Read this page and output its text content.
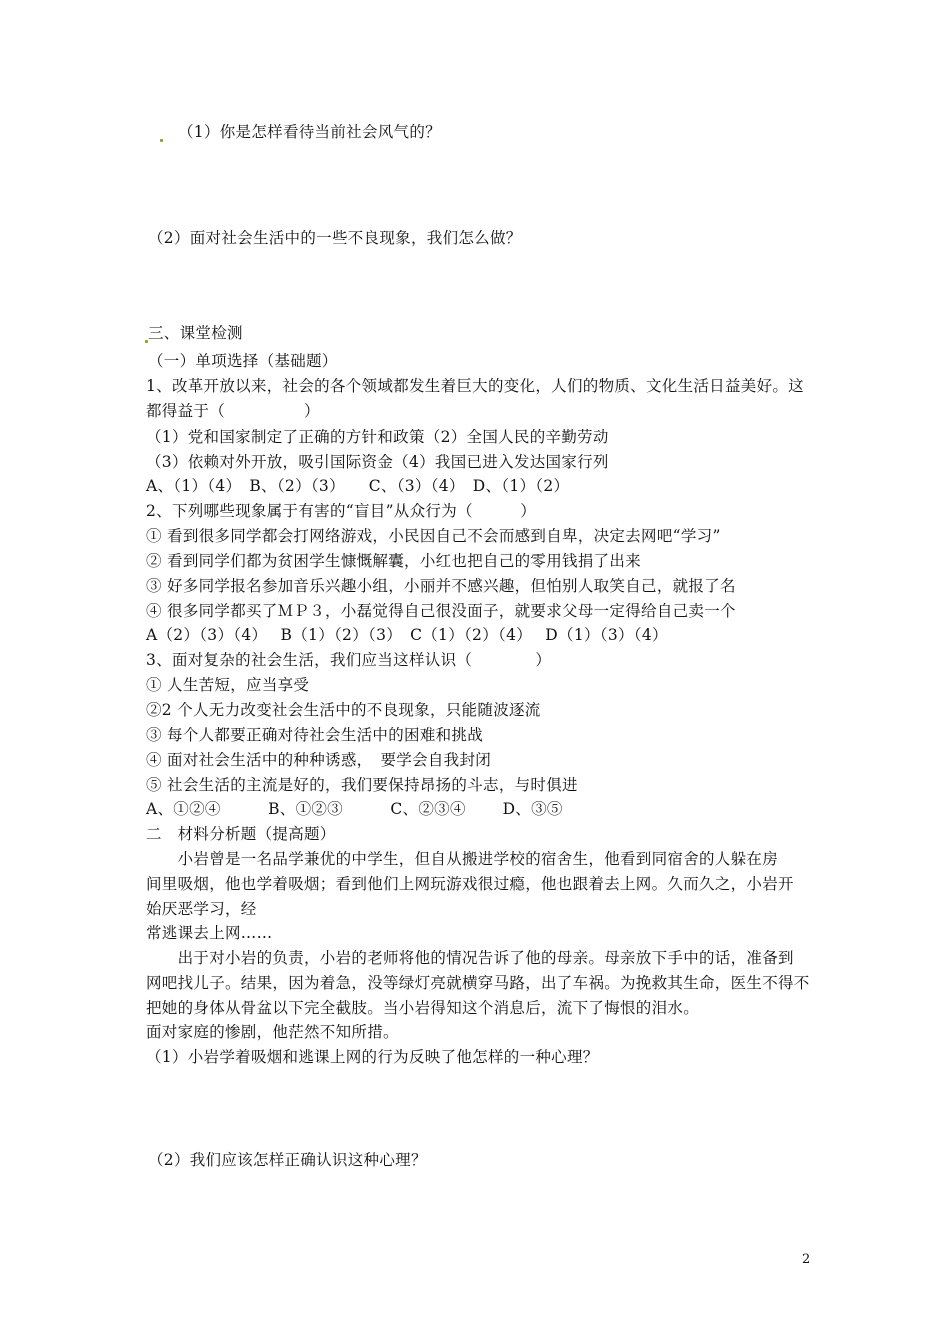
（1）你是怎样看待当前社会风气的？
（2）面对社会生活中的一些不良现象，我们怎么做？
三、课堂检测
（一）单项选择（基础题）
1、改革开放以来，社会的各个领域都发生着巨大的变化，人们的物质、文化生活日益美好。这
都得益于（　　　　　）
（1）党和国家制定了正确的方针和政策（2）全国人民的辛勤劳动
（3）依赖对外开放，吸引国际资金（4）我国已进入发达国家行列
A、（1）（4）　B、（2）（3）　　C、（3）（4）　D、（1）（2）
2、下列哪些现象属于有害的“盲目”从众行为（　　　）
① 看到很多同学都会打网络游戏，小民因自己不会而感到自卑，决定去网吧“学习”
② 看到同学们都为贫困学生慷慨解囊，小红也把自己的零用钱捐了出来
③ 好多同学报名参加音乐兴趣小组，小丽并不感兴趣，但怕别人取笑自己，就报了名
④ 很多同学都买了ＭＰ３，小磊觉得自己很没面子，就要求父母一定得给自己卖一个
A（2）（3）（4）　 B（1）（2）（3）　C（1）（2）（4）　 D（1）（3）（4）
3、面对复杂的社会生活，我们应当这样认识（　　　　）
① 人生苦短，应当享受
②2 个人无力改变社会生活中的不良现象，只能随波逐流
③ 每个人都要正确对待社会生活中的困难和挑战
④ 面对社会生活中的种种诱惑，　要学会自我封闭
⑤ 社会生活的主流是好的，我们要保持昂扬的斗志，与时俱进
A、①②④　　　B、①②③　　　C、②③④　　 D、③⑤
二　材料分析题（提高题）
　　小岩曾是一名品学兼优的中学生，但自从搬进学校的宿舍生，他看到同宿舍的人躲在房
间里吸烟，他也学着吸烟；看到他们上网玩游戏很过瘾，他也跟着去上网。久而久之，小岩开
始厌恶学习，经
常逃课去上网……
　　出于对小岩的负责，小岩的老师将他的情况告诉了他的母亲。母亲放下手中的话，准备到
网吧找儿子。结果，因为着急，没等绿灯亮就横穿马路，出了车祸。为挽救其生命，医生不得不
把她的身体从骨盆以下完全截肢。当小岩得知这个消息后，流下了悔恨的泪水。
面对家庭的惨剧，他茫然不知所措。
（1）小岩学着吸烟和逃课上网的行为反映了他怎样的一种心理？
（2）我们应该怎样正确认识这种心理？
2
